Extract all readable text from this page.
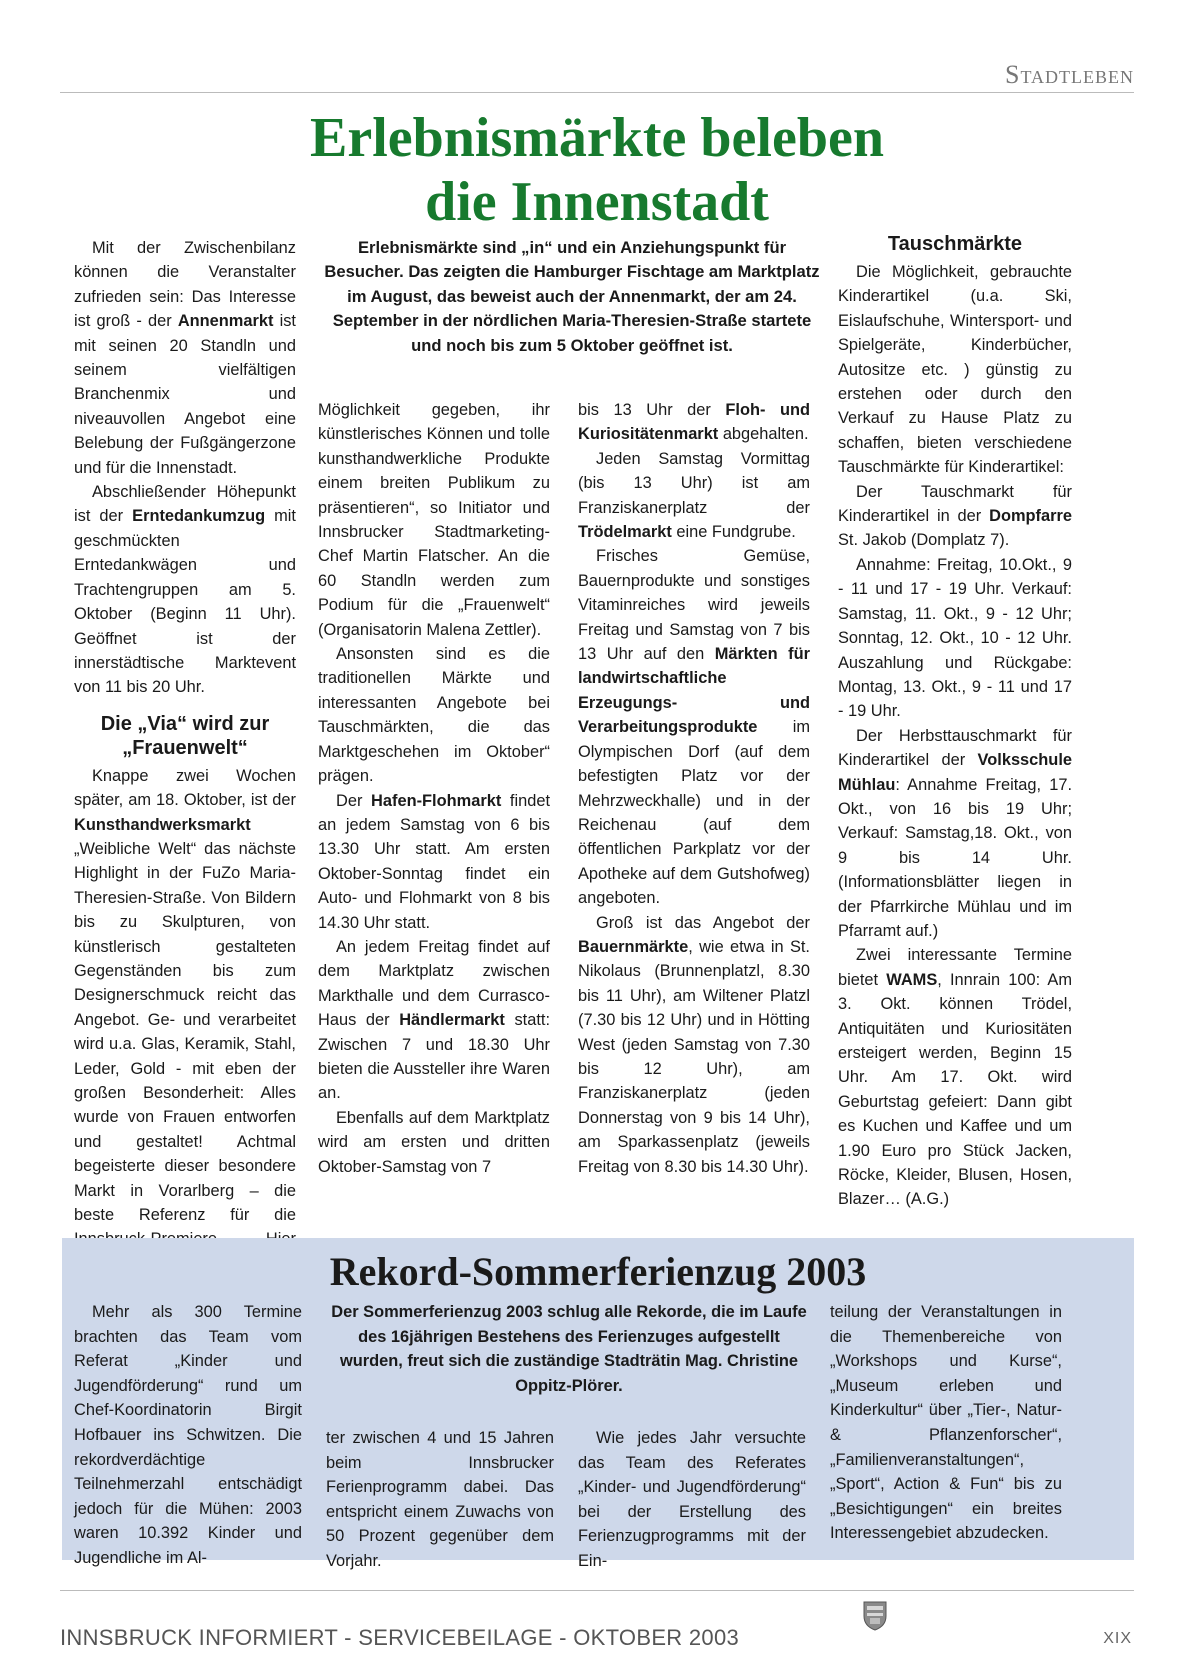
Stadtleben
Erlebnismärkte beleben
die Innenstadt

Mit der Zwischenbilanz können die Veranstalter zufrieden sein: Das Interesse ist groß - der Annenmarkt ist mit seinen 20 Standln und seinem vielfältigen Branchenmix und niveauvollen Angebot eine Belebung der Fußgängerzone und für die Innenstadt.

Abschließender Höhepunkt ist der Erntedankumzug mit geschmückten Erntedankwägen und Trachtengruppen am 5. Oktober (Beginn 11 Uhr). Geöffnet ist der innerstädtische Marktevent von 11 bis 20 Uhr.

Die „Via“ wird zur
„Frauenwelt“

Knappe zwei Wochen später, am 18. Oktober, ist der Kunsthandwerksmarkt „Weibliche Welt“ das nächste Highlight in der FuZo Maria-Theresien-Straße. Von Bildern bis zu Skulpturen, von künstlerisch gestalteten Gegenständen bis zum Designerschmuck reicht das Angebot. Ge- und verarbeitet wird u.a. Glas, Keramik, Stahl, Leder, Gold - mit eben der großen Besonderheit: Alles wurde von Frauen entworfen und gestaltet! Achtmal begeisterte dieser besondere Markt in Vorarlberg – die beste Referenz für die

Erlebnismärkte sind „in“ und ein Anziehungspunkt für Besucher. Das zeigten die Hamburger Fischtage am Marktplatz im August, das beweist auch der Annenmarkt, der am 24. September in der nördlichen Maria-Theresien-Straße startete und noch bis zum 5 Oktober geöffnet ist.

Möglichkeit gegeben, ihr künstlerisches Können und tolle kunsthandwerkliche Produkte einem breiten Publikum zu präsentieren“, so Initiator und Innsbrucker Stadtmarketing-Chef Martin Flatscher. An die 60 Standln werden zum Podium für die „Frauenwelt“ (Organisatorin Malena Zettler).

Ansonsten sind es die traditionellen Märkte und interessanten Angebote bei Tauschmärkten, die das Marktgeschehen im Oktober“ prägen.

Der Hafen-Flohmarkt findet an jedem Samstag von 6 bis 13.30 Uhr statt. Am ersten Oktober-Sonntag findet ein Auto- und Flohmarkt von 8 bis 14.30 Uhr statt.

An jedem Freitag findet auf dem Marktplatz zwischen Markthalle und dem Currasco-Haus der Händlermarkt statt: Zwischen 7 und 18.30 Uhr bieten die Aussteller ihre Waren an.

Ebenfalls auf dem Marktplatz wird am ersten und dritten Oktober-Samstag von 7

bis 13 Uhr der Floh- und Kuriositätenmarkt abgehalten.

Jeden Samstag Vormittag (bis 13 Uhr) ist am Franziskanerplatz der Trödelmarkt eine Fundgrube.

Frisches Gemüse, Bauernprodukte und sonstiges Vitaminreiches wird jeweils Freitag und Samstag von 7 bis 13 Uhr auf den Märkten für landwirtschaftliche Erzeugungs- und Verarbeitungsprodukte im Olympischen Dorf (auf dem befestigten Platz vor der Mehrzweckhalle) und in der Reichenau (auf dem öffentlichen Parkplatz vor der Apotheke auf dem Gutshofweg) angeboten.

Groß ist das Angebot der Bauernmärkte, wie etwa in St. Nikolaus (Brunnenplatzl, 8.30 bis 11 Uhr), am Wiltener Platzl (7.30 bis 12 Uhr) und in Hötting West (jeden Samstag von 7.30 bis 12 Uhr), am Franziskanerplatz (jeden Donnerstag von 9 bis 14 Uhr), am Sparkassenplatz (jeweils Freitag von 8.30 bis 14.30 Uhr).

Tauschmärkte

Die Möglichkeit, gebrauchte Kinderartikel (u.a. Ski, Eislaufschuhe, Wintersport- und Spielgeräte, Kinderbücher, Autositze etc. ) günstig zu erstehen oder durch den Verkauf zu Hause Platz zu schaffen, bieten verschiedene Tauschmärkte für Kinderartikel:

Der Tauschmarkt für Kinderartikel in der Dompfarre St. Jakob (Domplatz 7).

Annahme: Freitag, 10.Okt., 9 - 11 und 17 - 19 Uhr. Verkauf: Samstag, 11. Okt., 9 - 12 Uhr; Sonntag, 12. Okt., 10 - 12 Uhr. Auszahlung und Rückgabe: Montag, 13. Okt., 9 - 11 und 17 - 19 Uhr.

Der Herbsttauschmarkt für Kinderartikel der Volksschule Mühlau: Annahme Freitag, 17. Okt., von 16 bis 19 Uhr; Verkauf: Samstag,18. Okt., von 9 bis 14 Uhr. (Informationsblätter liegen in der Pfarrkirche Mühlau und im Pfarramt auf.)

Zwei interessante Termine bietet WAMS, Innrain 100: Am 3. Okt. können Trödel, Antiquitäten und Kuriositäten ersteigert werden, Beginn 15 Uhr. Am 17. Okt. wird Geburtstag gefeiert: Dann gibt es Kuchen und Kaffee und um 1.90 Euro pro Stück Jacken, Röcke, Kleider, Blusen, Hosen, Blazer… (A.G.)

Rekord-Sommerferienzug 2003

Mehr als 300 Termine brachten das Team vom Referat „Kinder und Jugendförderung“ rund um Chef-Koordinatorin Birgit Hofbauer ins Schwitzen. Die rekordverdächtige Teilnehmerzahl entschädigt jedoch für die Mühen: 2003 waren 10.392 Kinder und Jugendliche im Al-

Der Sommerferienzug 2003 schlug alle Rekorde, die im Laufe des 16jährigen Bestehens des Ferienzuges aufgestellt wurden, freut sich die zuständige Stadträtin Mag. Christine Oppitz-Plörer.

ter zwischen 4 und 15 Jahren beim Innsbrucker Ferienprogramm dabei. Das entspricht einem Zuwachs von 50 Prozent gegenüber dem Vorjahr.

Wie jedes Jahr versuchte das Team des Referates „Kinder- und Jugendförderung“ bei der Erstellung des Ferienzugprogramms mit der Ein-

teilung der Veranstaltungen in die Themenbereiche von „Workshops und Kurse“, „Museum erleben und Kinderkultur“ über „Tier-, Natur- & Pflanzenforscher“, „Familienveranstaltungen“, „Sport“, Action & Fun“ bis zu „Besichtigungen“ ein breites Interessengebiet abzudecken.

INNSBRUCK INFORMIERT - SERVICEBEILAGE - OKTOBER 2003	XIX
